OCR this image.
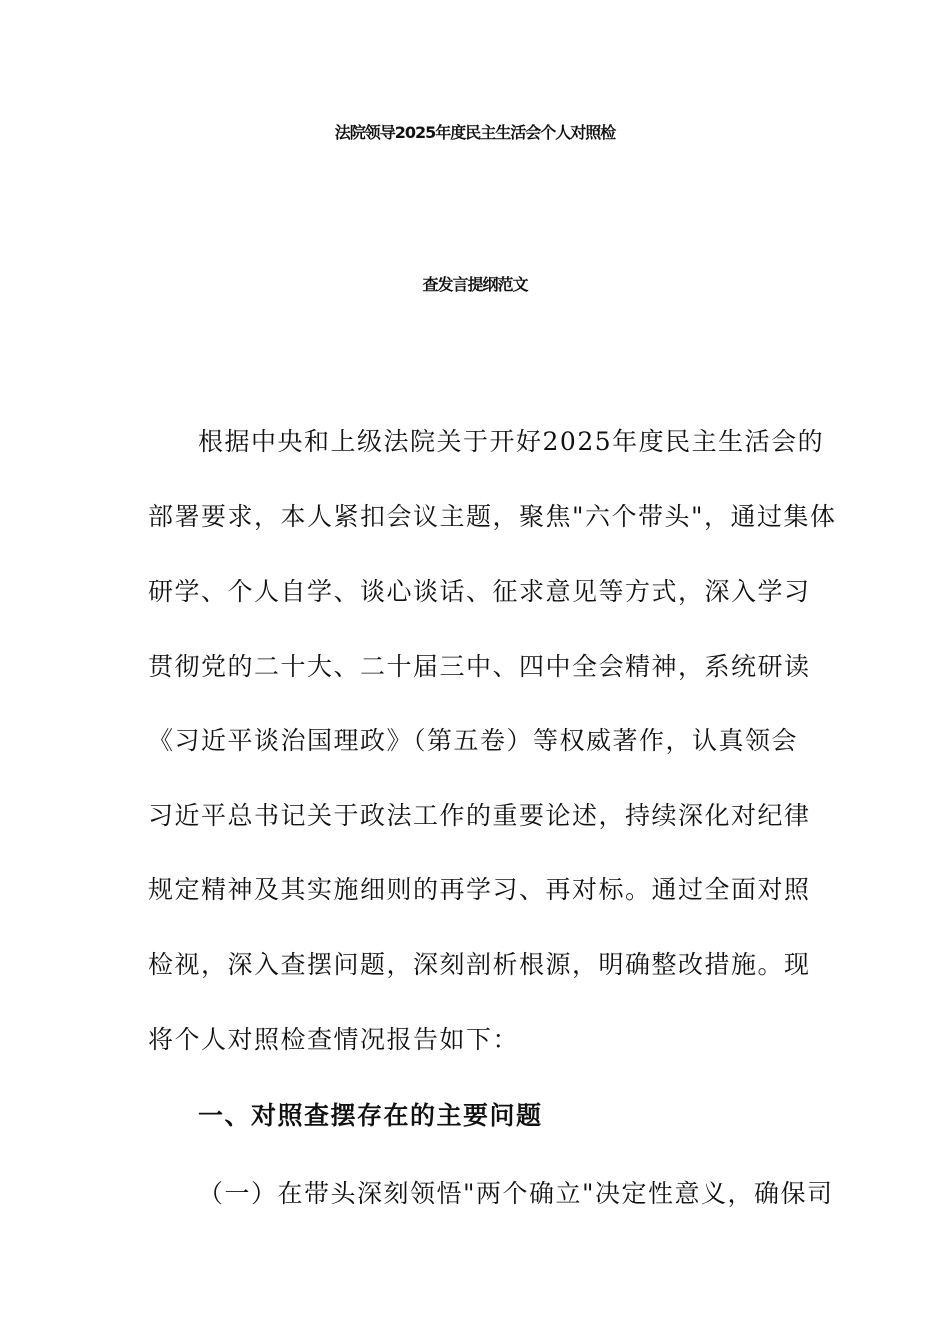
法院领导2025年度民主生活会个人对照检
查发言提纲范文
根据中央和上级法院关于开好2025年度民主生活会的
部署要求，本人紧扣会议主题，聚焦"六个带头"，通过集体
研学、个人自学、谈心谈话、征求意见等方式，深入学习
贯彻党的二十大、二十届三中、四中全会精神，系统研读
《习近平谈治国理政》（第五卷）等权威著作，认真领会
习近平总书记关于政法工作的重要论述，持续深化对纪律
规定精神及其实施细则的再学习、再对标。通过全面对照
检视，深入查摆问题，深刻剖析根源，明确整改措施。现
将个人对照检查情况报告如下：
一、对照查摆存在的主要问题
（一）在带头深刻领悟"两个确立"决定性意义，确保司
